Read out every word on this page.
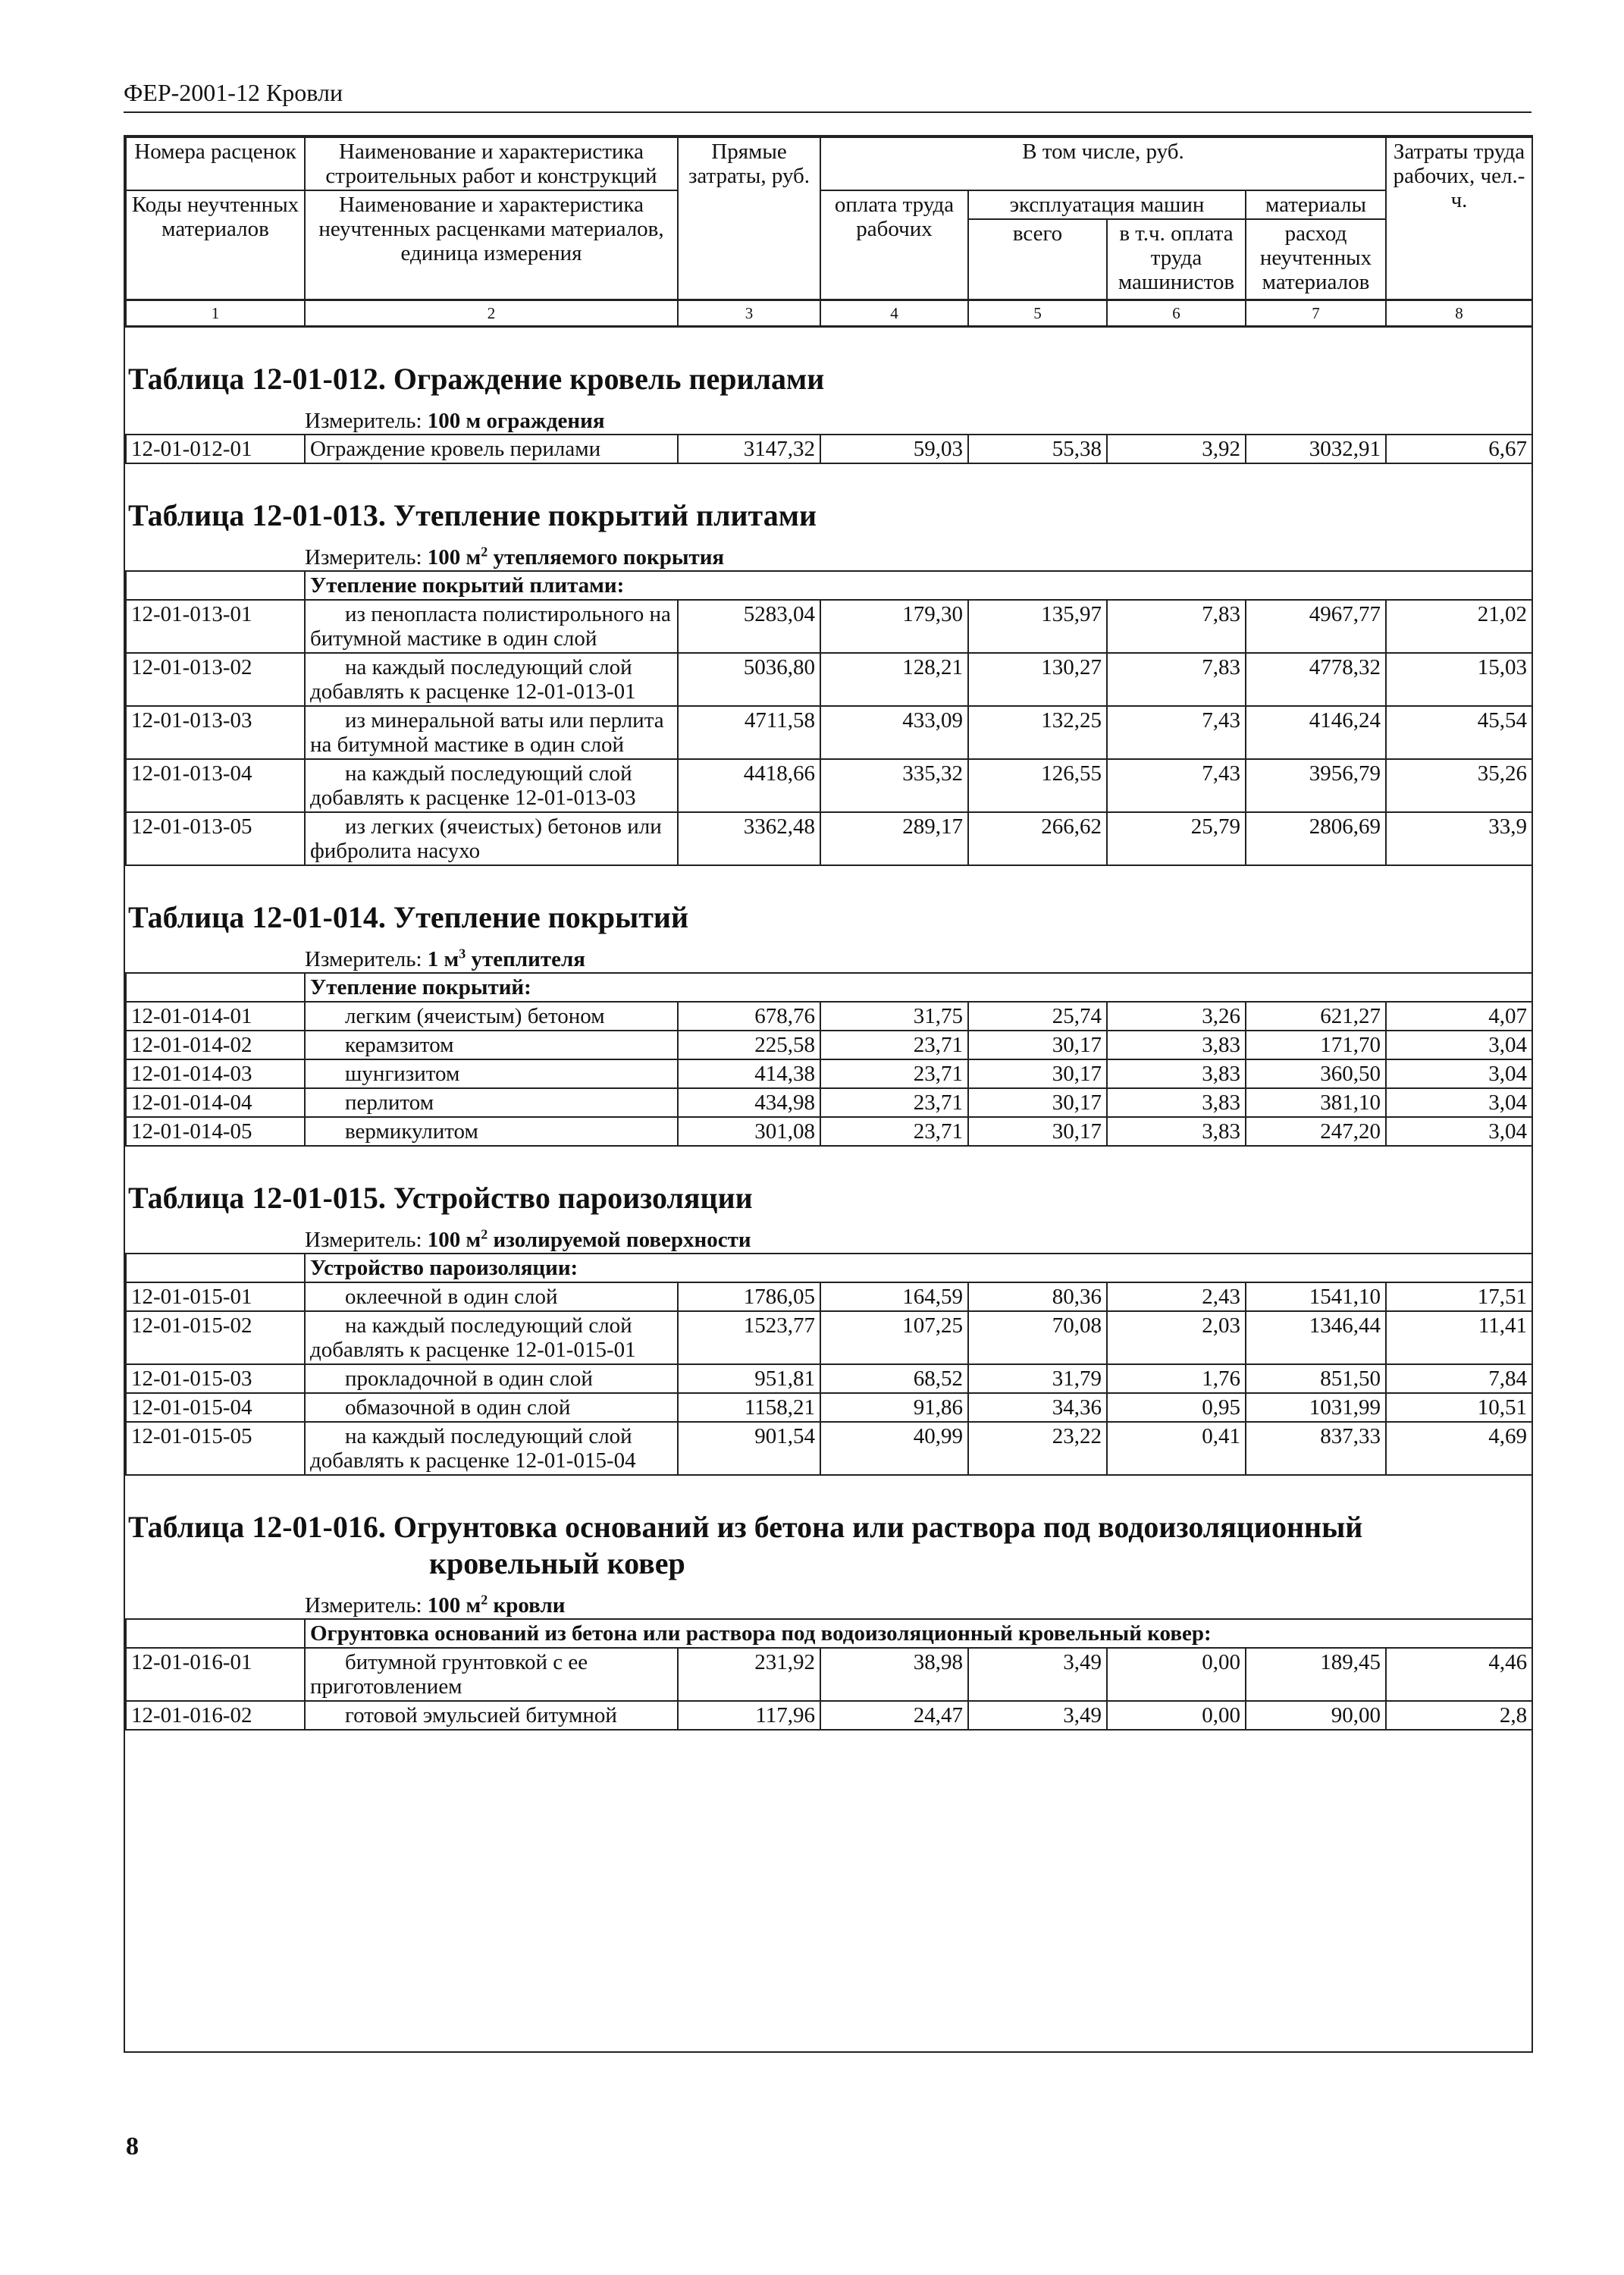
ФЕР-2001-12 Кровли
Номера расценок	Наименование и характеристика строительных работ и конструкций	Прямые затраты, руб.	В том числе, руб.				Затраты труда рабочих, чел.-ч.
Коды неучтенных материалов	Наименование и характеристика неучтенных расценками материалов, единица измерения		оплата труда рабочих	эксплуатация машин		материалы	
				всего	в т.ч. оплата труда машинистов	расход неучтенных материалов	
1	2	3	4	5	6	7	8
Таблица 12-01-012. Ограждение кровель перилами
Измеритель: 100 м ограждения
12-01-012-01	Ограждение кровель перилами	3147,32	59,03	55,38	3,92	3032,91	6,67
Таблица 12-01-013. Утепление покрытий плитами
Измеритель: 100 $м^2$ утепляемого покрытия
	Утепление покрытий плитами:						
12-01-013-01	из пенопласта полистирольного на битумной мастике в один слой	5283,04	179,30	135,97	7,83	4967,77	21,02
12-01-013-02	на каждый последующий слой добавлять к расценке 12-01-013-01	5036,80	128,21	130,27	7,83	4778,32	15,03
12-01-013-03	из минеральной ваты или перлита на битумной мастике в один слой	4711,58	433,09	132,25	7,43	4146,24	45,54
12-01-013-04	на каждый последующий слой добавлять к расценке 12-01-013-03	4418,66	335,32	126,55	7,43	3956,79	35,26
12-01-013-05	из легких (ячеистых) бетонов или фибролита насухо	3362,48	289,17	266,62	25,79	2806,69	33,9
Таблица 12-01-014. Утепление покрытий
Измеритель: 1 $м^3$ утеплителя
	Утепление покрытий:						
12-01-014-01	легким (ячеистым) бетоном	678,76	31,75	25,74	3,26	621,27	4,07
12-01-014-02	керамзитом	225,58	23,71	30,17	3,83	171,70	3,04
12-01-014-03	шунгизитом	414,38	23,71	30,17	3,83	360,50	3,04
12-01-014-04	перлитом	434,98	23,71	30,17	3,83	381,10	3,04
12-01-014-05	вермикулитом	301,08	23,71	30,17	3,83	247,20	3,04
Таблица 12-01-015. Устройство пароизоляции
Измеритель: 100 $м^2$ изолируемой поверхности
	Устройство пароизоляции:						
12-01-015-01	оклеечной в один слой	1786,05	164,59	80,36	2,43	1541,10	17,51
12-01-015-02	на каждый последующий слой добавлять к расценке 12-01-015-01	1523,77	107,25	70,08	2,03	1346,44	11,41
12-01-015-03	прокладочной в один слой	951,81	68,52	31,79	1,76	851,50	7,84
12-01-015-04	обмазочной в один слой	1158,21	91,86	34,36	0,95	1031,99	10,51
12-01-015-05	на каждый последующий слой добавлять к расценке 12-01-015-04	901,54	40,99	23,22	0,41	837,33	4,69
Таблица 12-01-016. Огрунтовка оснований из бетона или раствора под водоизоляционный
кровельный ковер
Измеритель: 100 $м^2$ кровли
	Огрунтовка оснований из бетона или раствора под водоизоляционный кровельный ковер:						
12-01-016-01	битумной грунтовкой с ее приготовлением	231,92	38,98	3,49	0,00	189,45	4,46
12-01-016-02	готовой эмульсией битумной	117,96	24,47	3,49	0,00	90,00	2,8
8
